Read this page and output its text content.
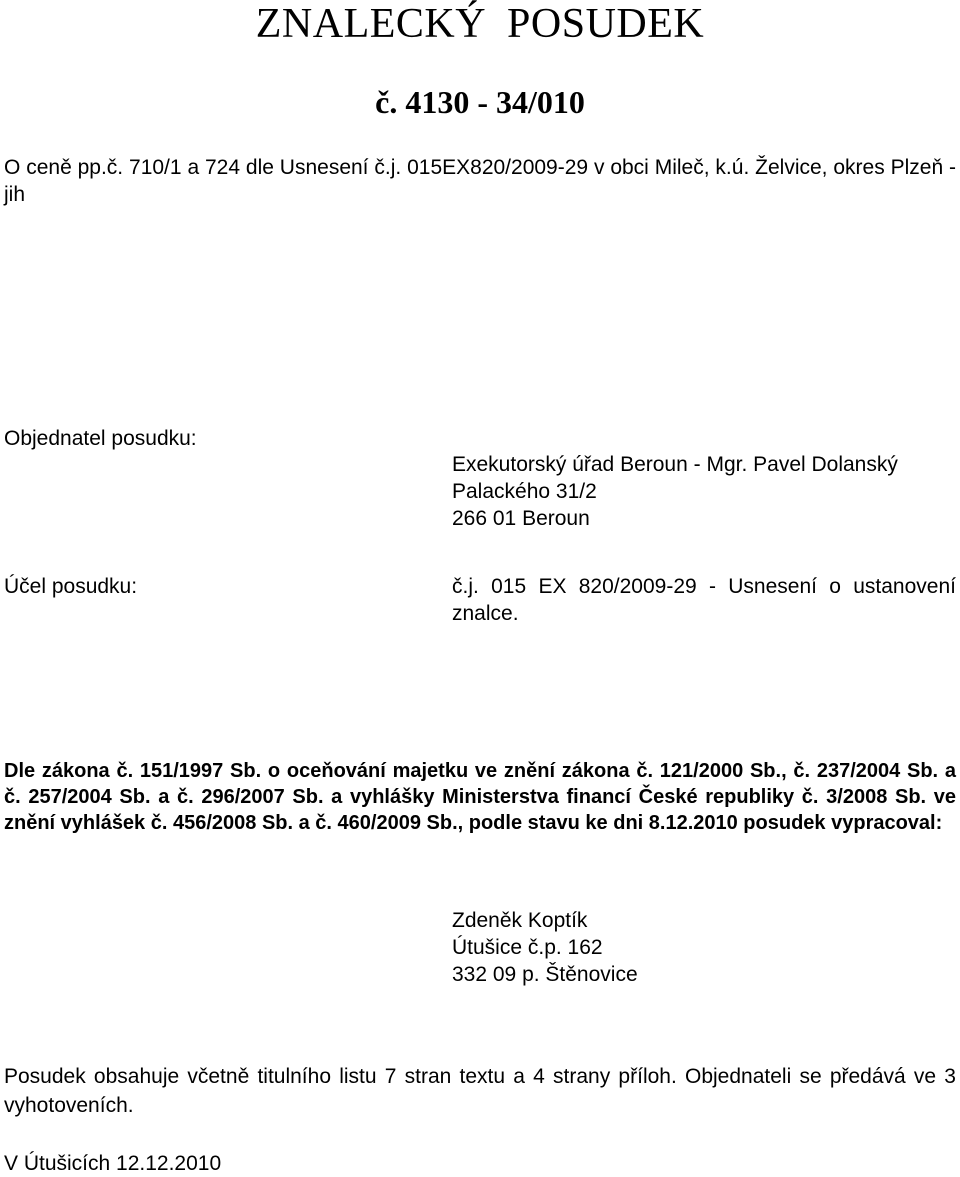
ZNALECKÝ POSUDEK
č. 4130 - 34/010
O ceně pp.č. 710/1 a 724 dle Usnesení č.j. 015EX820/2009-29 v obci Mileč, k.ú. Želvice, okres Plzeň - jih
Objednatel posudku:
Exekutorský úřad Beroun - Mgr. Pavel Dolanský
Palackého 31/2
266 01 Beroun
Účel posudku:	č.j. 015 EX 820/2009-29 - Usnesení o ustanovení znalce.
Dle zákona č. 151/1997 Sb. o oceňování majetku ve znění zákona č. 121/2000 Sb., č. 237/2004 Sb. a č. 257/2004 Sb. a č. 296/2007 Sb. a vyhlášky Ministerstva financí České republiky č. 3/2008 Sb. ve znění vyhlášek č. 456/2008 Sb. a č. 460/2009 Sb., podle stavu ke dni 8.12.2010 posudek vypracoval:
Zdeněk Koptík
Útušice č.p. 162
332 09 p. Štěnovice
Posudek obsahuje včetně titulního listu 7 stran textu a 4 strany příloh. Objednateli se předává ve 3 vyhotoveních.
V Útušicích 12.12.2010
